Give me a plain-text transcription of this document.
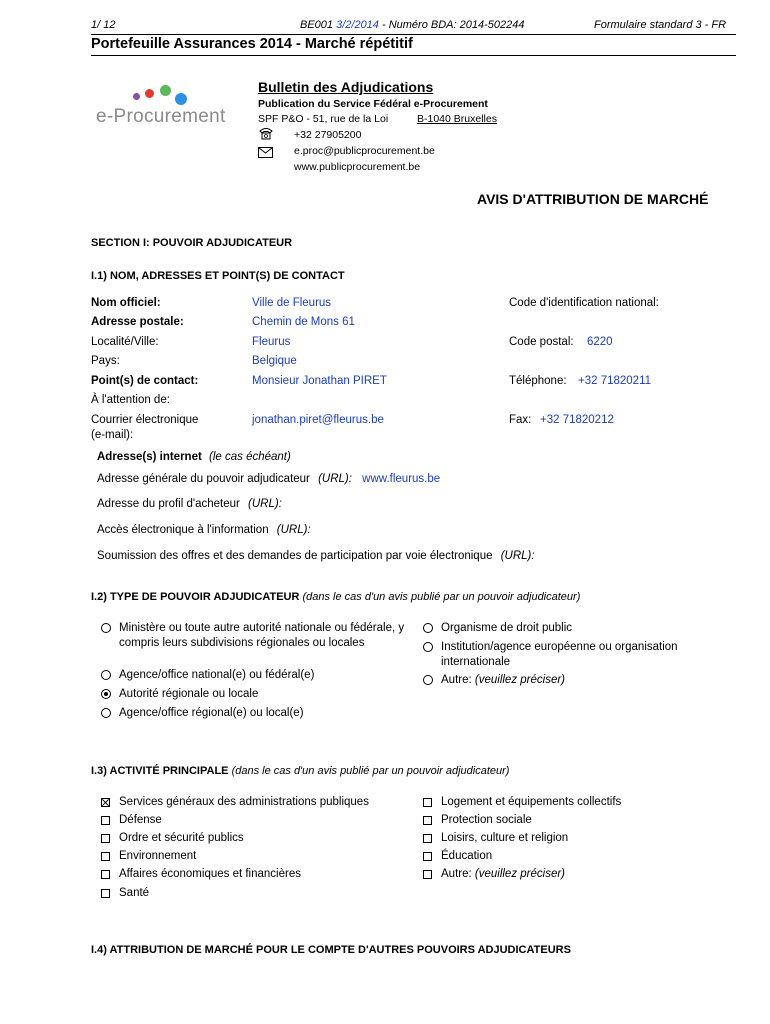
1/ 12	BE001 3/2/2014 - Numéro BDA: 2014-502244	Formulaire standard 3 - FR
Portefeuille Assurances 2014 - Marché répétitif
e-Procurement
Bulletin des Adjudications
Publication du Service Fédéral e-Procurement
SPF P&O - 51, rue de la Loi	B-1040 Bruxelles
+32 27905200
e.proc@publicprocurement.be
www.publicprocurement.be
AVIS D'ATTRIBUTION DE MARCHÉ
SECTION I: POUVOIR ADJUDICATEUR
I.1) NOM, ADRESSES ET POINT(S) DE CONTACT
Nom officiel:	Ville de Fleurus	Code d'identification national:
Adresse postale:	Chemin de Mons 61
Localité/Ville:	Fleurus	Code postal: 6220
Pays:	Belgique
Point(s) de contact:	Monsieur Jonathan PIRET	Téléphone: +32 71820211
À l'attention de:
Courrier électronique
(e-mail):
jonathan.piret@fleurus.be	Fax: +32 71820212
Adresse(s) internet (le cas échéant)
Adresse générale du pouvoir adjudicateur (URL): www.fleurus.be
Adresse du profil d'acheteur (URL):
Accès électronique à l'information (URL):
Soumission des offres et des demandes de participation par voie électronique (URL):
I.2) TYPE DE POUVOIR ADJUDICATEUR (dans le cas d'un avis publié par un pouvoir adjudicateur)
Ministère ou toute autre autorité nationale ou fédérale, y compris leurs subdivisions régionales ou locales
Agence/office national(e) ou fédéral(e)
Autorité régionale ou locale
Agence/office régional(e) ou local(e)
Organisme de droit public
Institution/agence européenne ou organisation internationale
Autre: (veuillez préciser)
I.3) ACTIVITÉ PRINCIPALE (dans le cas d'un avis publié par un pouvoir adjudicateur)
Services généraux des administrations publiques
Défense
Ordre et sécurité publics
Environnement
Affaires économiques et financières
Santé
Logement et équipements collectifs
Protection sociale
Loisirs, culture et religion
Éducation
Autre: (veuillez préciser)
I.4) ATTRIBUTION DE MARCHÉ POUR LE COMPTE D'AUTRES POUVOIRS ADJUDICATEURS
